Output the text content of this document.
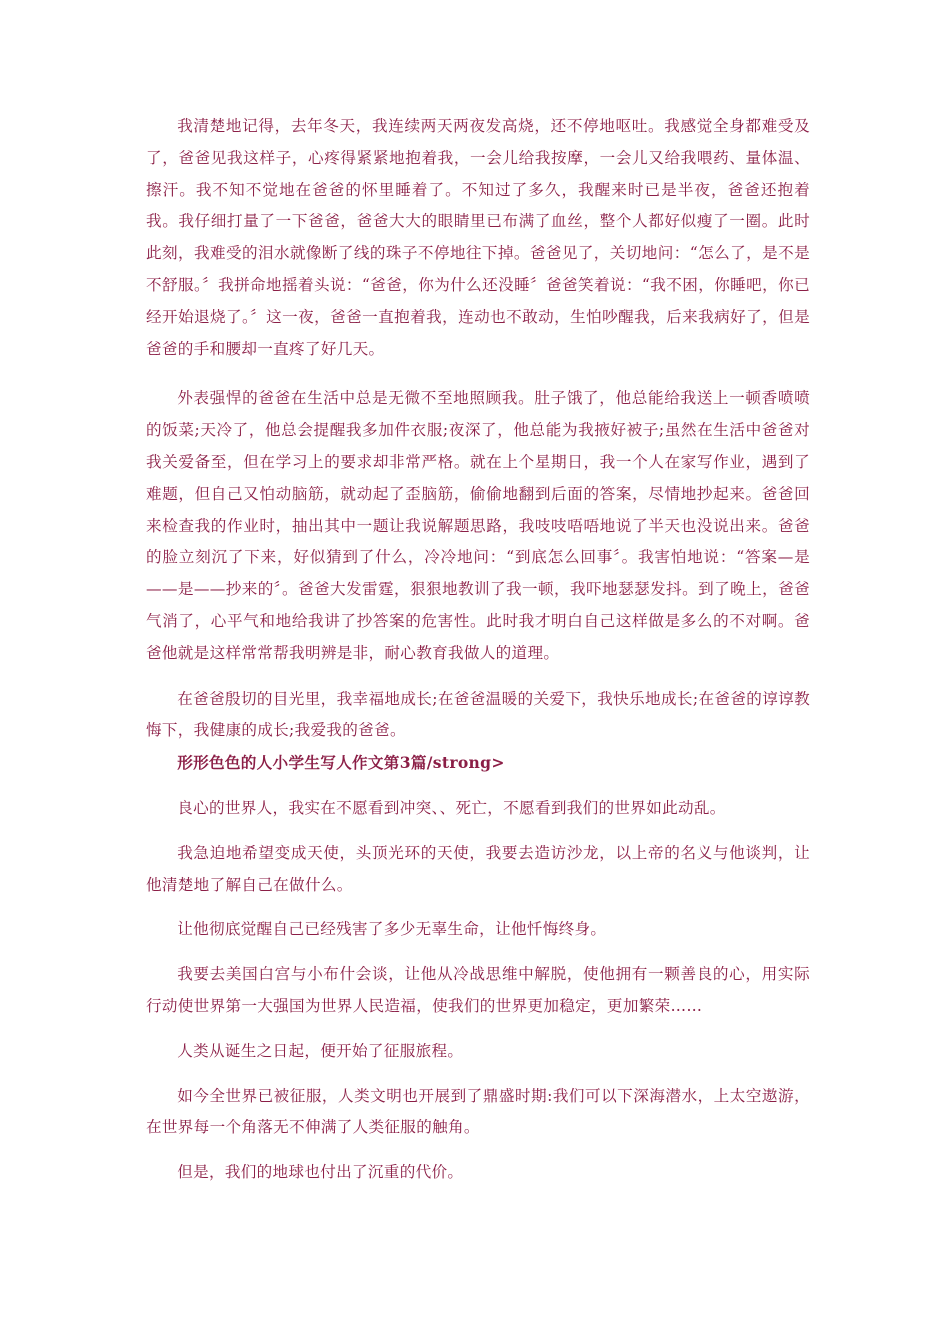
我清楚地记得，去年冬天，我连续两天两夜发高烧，还不停地呕吐。我感觉全身都难受及了，爸爸见我这样子，心疼得紧紧地抱着我，一会儿给我按摩，一会儿又给我喂药、量体温、擦汗。我不知不觉地在爸爸的怀里睡着了。不知过了多久，我醒来时已是半夜，爸爸还抱着我。我仔细打量了一下爸爸，爸爸大大的眼睛里已布满了血丝，整个人都好似瘦了一圈。此时此刻，我难受的泪水就像断了线的珠子不停地往下掉。爸爸见了，关切地问：“怎么了，是不是不舒服。〞我拼命地摇着头说：“爸爸，你为什么还没睡〞爸爸笑着说：“我不困，你睡吧，你已经开始退烧了。〞这一夜，爸爸一直抱着我，连动也不敢动，生怕吵醒我，后来我病好了，但是爸爸的手和腰却一直疼了好几天。

外表强悍的爸爸在生活中总是无微不至地照顾我。肚子饿了，他总能给我送上一顿香喷喷的饭菜;天冷了，他总会提醒我多加件衣服;夜深了，他总能为我掖好被子;虽然在生活中爸爸对我关爱备至，但在学习上的要求却非常严格。就在上个星期日，我一个人在家写作业，遇到了难题，但自己又怕动脑筋，就动起了歪脑筋，偷偷地翻到后面的答案，尽情地抄起来。爸爸回来检查我的作业时，抽出其中一题让我说解题思路，我吱吱唔唔地说了半天也没说出来。爸爸的脸立刻沉了下来，好似猜到了什么，冷冷地问：“到底怎么回事〞。我害怕地说：“答案—是——是——抄来的〞。爸爸大发雷霆，狠狠地教训了我一顿，我吓地瑟瑟发抖。到了晚上，爸爸气消了，心平气和地给我讲了抄答案的危害性。此时我才明白自己这样做是多么的不对啊。爸爸他就是这样常常帮我明辨是非，耐心教育我做人的道理。

在爸爸殷切的目光里，我幸福地成长;在爸爸温暖的关爱下，我快乐地成长;在爸爸的谆谆教悔下，我健康的成长;我爱我的爸爸。

形形色色的人小学生写人作文第3篇/strong>

良心的世界人，我实在不愿看到冲突、、死亡，不愿看到我们的世界如此动乱。

我急迫地希望变成天使，头顶光环的天使，我要去造访沙龙，以上帝的名义与他谈判，让他清楚地了解自己在做什么。

让他彻底觉醒自己已经残害了多少无辜生命，让他忏悔终身。

我要去美国白宫与小布什会谈，让他从冷战思维中解脱，使他拥有一颗善良的心，用实际行动使世界第一大强国为世界人民造福，使我们的世界更加稳定，更加繁荣……

人类从诞生之日起，便开始了征服旅程。

如今全世界已被征服，人类文明也开展到了鼎盛时期:我们可以下深海潜水，上太空遨游，在世界每一个角落无不伸满了人类征服的触角。

但是，我们的地球也付出了沉重的代价。
